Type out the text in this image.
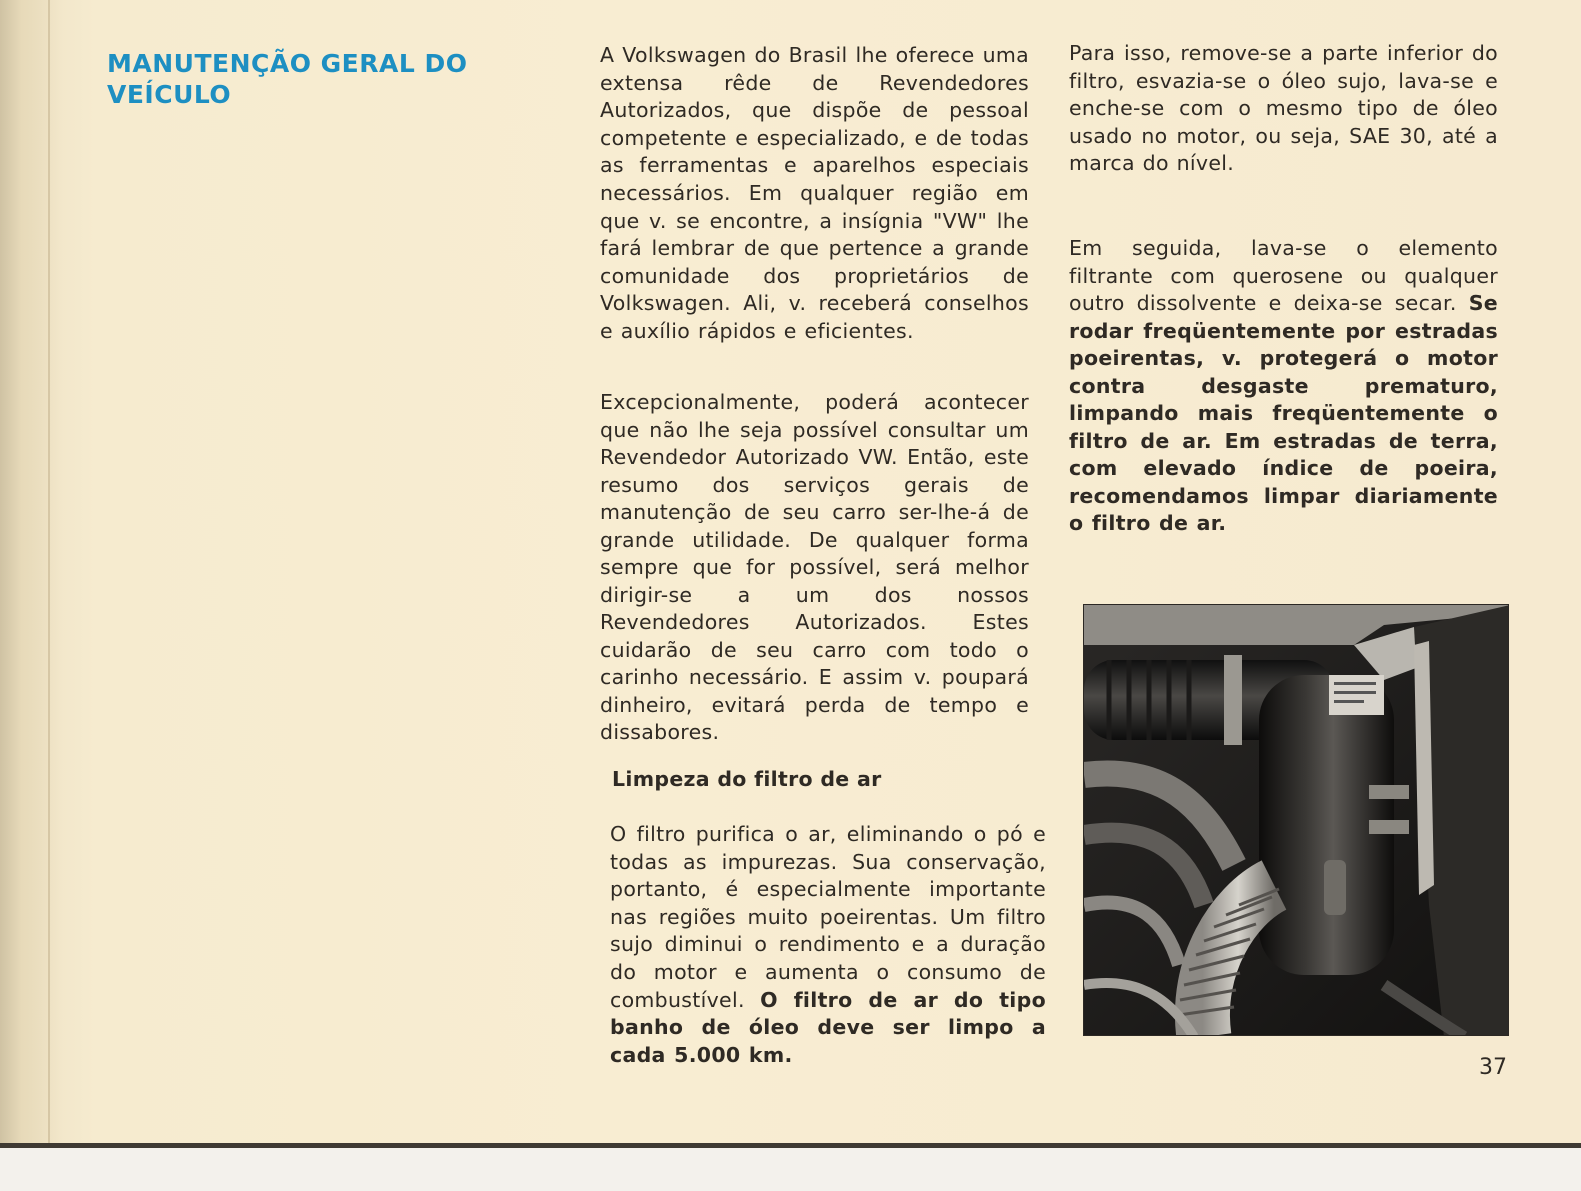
MANUTENÇÃO GERAL DO VEÍCULO

A Volkswagen do Brasil lhe oferece uma extensa rêde de Revendedores Autorizados, que dispõe de pessoal competente e especializado, e de todas as ferramentas e aparelhos especiais necessários. Em qualquer região em que v. se encontre, a insígnia "VW" lhe fará lembrar de que pertence a grande comunidade dos proprietários de Volkswagen. Ali, v. receberá conselhos e auxílio rápidos e eficientes.

Excepcionalmente, poderá acontecer que não lhe seja possível consultar um Revendedor Autorizado VW. Então, este resumo dos serviços gerais de manutenção de seu carro ser-lhe-á de grande utilidade. De qualquer forma sempre que for possível, será melhor dirigir-se a um dos nossos Revendedores Autorizados. Estes cuidarão de seu carro com todo o carinho necessário. E assim v. poupará dinheiro, evitará perda de tempo e dissabores.

Limpeza do filtro de ar

O filtro purifica o ar, eliminando o pó e todas as impurezas. Sua conservação, portanto, é especialmente importante nas regiões muito poeirentas. Um filtro sujo diminui o rendimento e a duração do motor e aumenta o consumo de combustível. O filtro de ar do tipo banho de óleo deve ser limpo a cada 5.000 km.

Para isso, remove-se a parte inferior do filtro, esvazia-se o óleo sujo, lava-se e enche-se com o mesmo tipo de óleo usado no motor, ou seja, SAE 30, até a marca do nível.

Em seguida, lava-se o elemento filtrante com querosene ou qualquer outro dissolvente e deixa-se secar. Se rodar freqüentemente por estradas poeirentas, v. protegerá o motor contra desgaste prematuro, limpando mais freqüentemente o filtro de ar. Em estradas de terra, com elevado índice de poeira, recomendamos limpar diariamente o filtro de ar.

37
